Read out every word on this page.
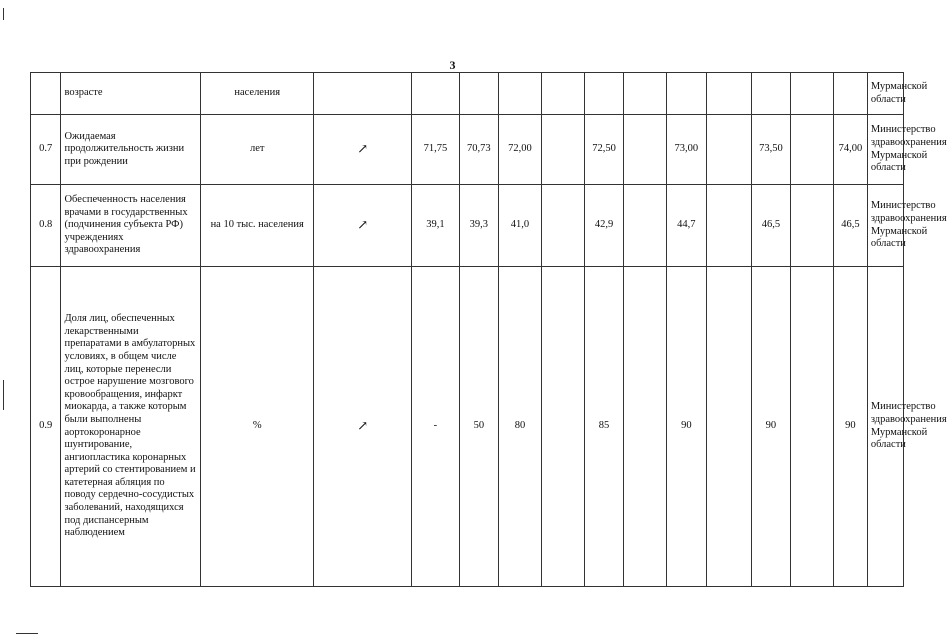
3
	возрасте	населения													Мурманской области
0.7	Ожидаемая продолжительность жизни при рождении	лет	↗	71,75	70,73	72,00		72,50		73,00		73,50		74,00	Министерство здравоохранения Мурманской области
0.8	Обеспеченность населения врачами в государственных (подчинения субъекта РФ) учреждениях здравоохранения	на 10 тыс. населения	↗	39,1	39,3	41,0		42,9		44,7		46,5		46,5	Министерство здравоохранения Мурманской области
0.9	Доля лиц, обеспеченных лекарственными препаратами в амбулаторных условиях, в общем числе лиц, которые перенесли острое нарушение мозгового кровообращения, инфаркт миокарда, а также которым были выполнены аортокоронарное шунтирование, ангиопластика коронарных артерий со стентированием и катетерная абляция по поводу сердечно-сосудистых заболеваний, находящихся под диспансерным наблюдением	%	↗	-	50	80		85		90		90		90	Министерство здравоохранения Мурманской области
